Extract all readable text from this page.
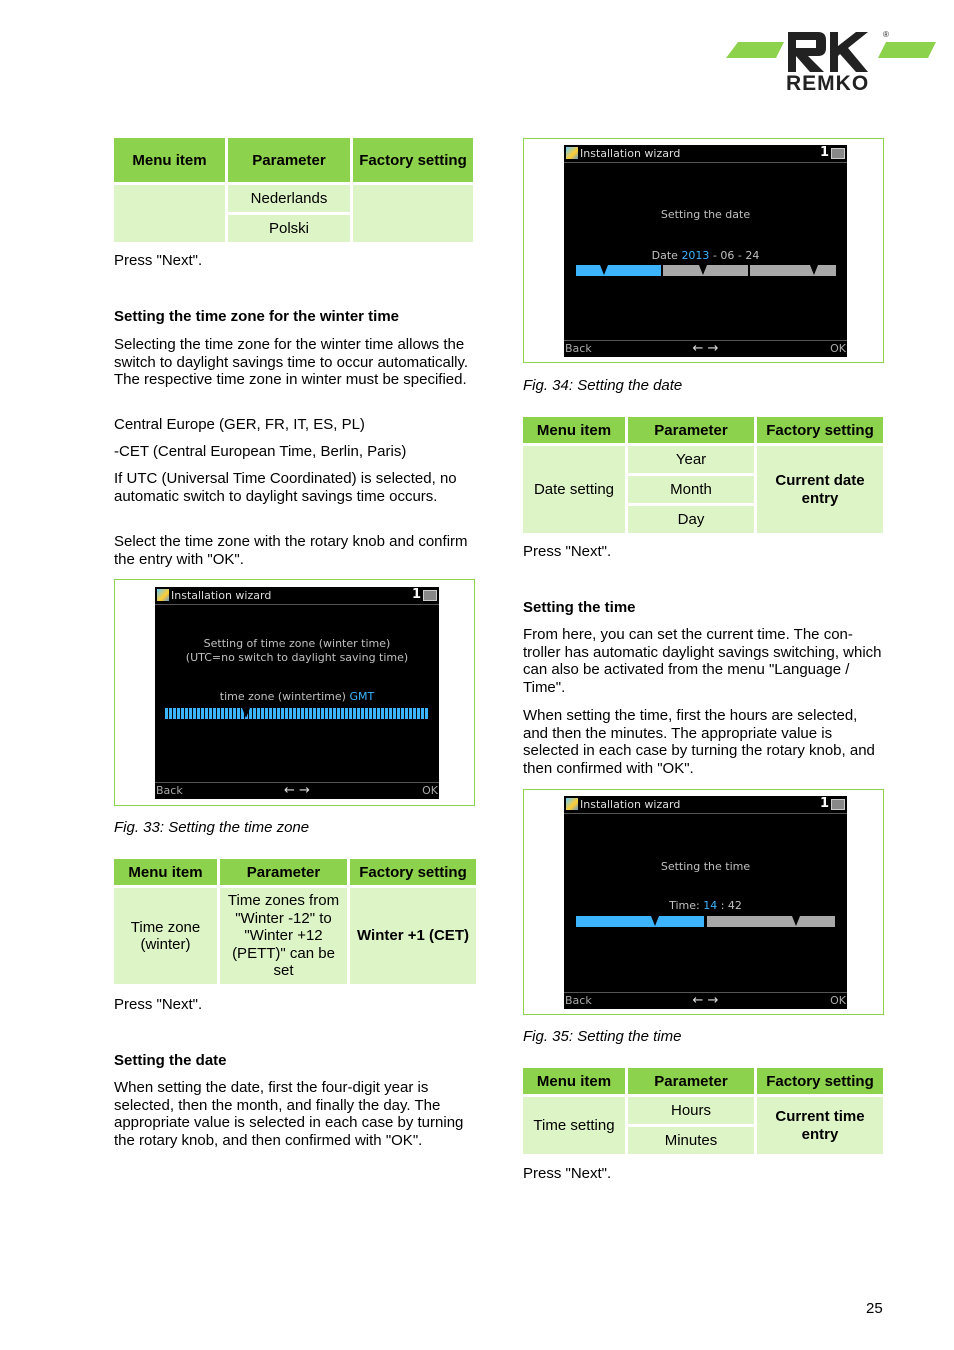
®
REMKO
Menu item	Parameter	Factory setting
	Nederlands	
	Polski	

Press "Next".

Setting the time zone for the winter time

Selecting the time zone for the winter time allows the switch to daylight savings time to occur automatically. The respective time zone in winter must be specified.

Central Europe (GER, FR, IT, ES, PL)

-CET (Central European Time, Berlin, Paris)

If UTC (Universal Time Coordinated) is selected, no automatic switch to daylight savings time occurs.

Select the time zone with the rotary knob and confirm the entry with "OK".

Installation wizard	1
Setting of time zone (winter time)
(UTC=no switch to daylight saving time)
time zone (wintertime) GMT
Back	← →	OK
Fig. 33: Setting the time zone
Menu item	Parameter	Factory setting
Time zone (winter)	Time zones from "Winter -12" to "Winter +12 (PETT)" can be set	Winter +1 (CET)

Press "Next".

Setting the date

When setting the date, first the four-digit year is selected, then the month, and finally the day. The appropriate value is selected in each case by turning the rotary knob, and then confirmed with "OK".

Installation wizard	1
Setting the date
Date 2013 - 06 - 24
Back	← →	OK
Fig. 34: Setting the date
Menu item	Parameter	Factory setting
Date setting	Year	Current date entry
	Month	
	Day	

Press "Next".

Setting the time

From here, you can set the current time. The controller has automatic daylight savings switching, which can also be activated from the menu "Language / Time".

When setting the time, first the hours are selected, and then the minutes. The appropriate value is selected in each case by turning the rotary knob, and then confirmed with "OK".

Installation wizard	1
Setting the time
Time: 14 : 42
Back	← →	OK
Fig. 35: Setting the time
Menu item	Parameter	Factory setting
Time setting	Hours	Current time entry
	Minutes	

Press "Next".

25
